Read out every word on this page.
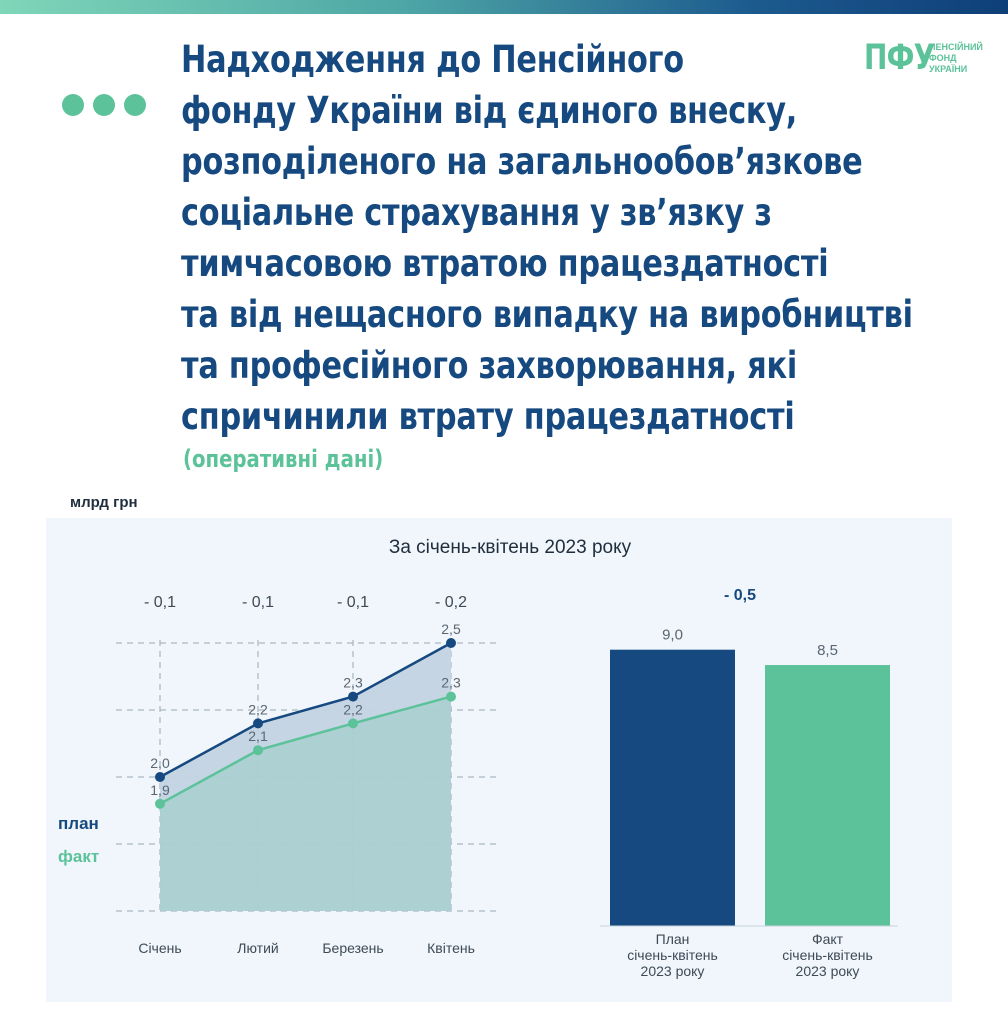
Надходження до Пенсійного
фонду України від єдиного внеску,
розподіленого на загальнообов’язкове
соціальне страхування у зв’язку з
тимчасовою втратою працездатності
та від нещасного випадку на виробництві
та професійного захворювання, які
спричинили втрату працездатності

(оперативні дані)

ПФУ
ПЕНСІЙНИЙ
ФОНД
УКРАЇНИ
млрд грн
За січень-квітень 2023 року
2,0
2,2
2,3
2,5
1,9
2,1
2,2
2,3
- 0,1	- 0,1	- 0,1	- 0,2
Січень	Лютий	Березень	Квітень
план
факт
9,0
План
січень-квітень
2023 року
8,5
Факт
січень-квітень
2023 року
- 0,5
